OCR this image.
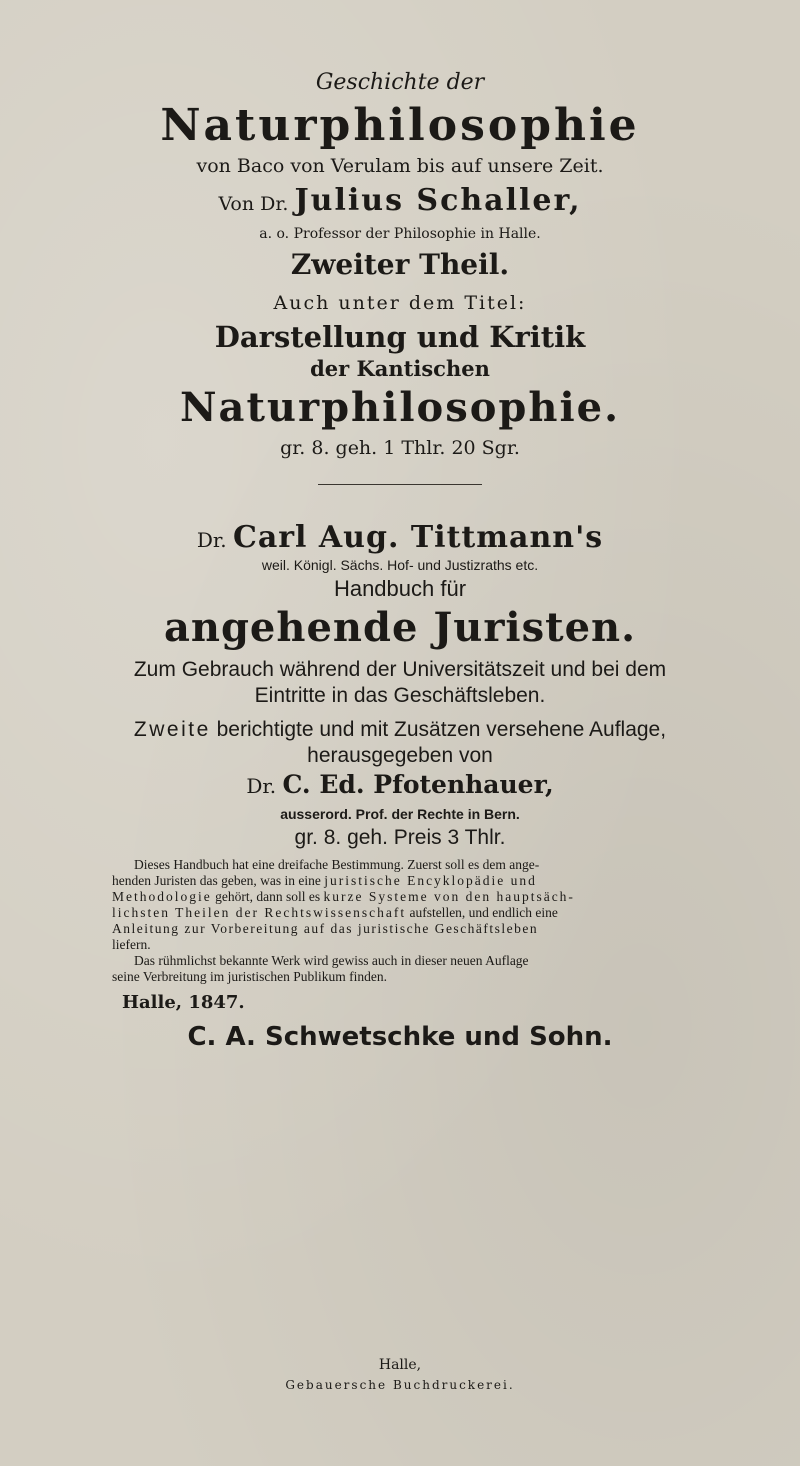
Geschichte der
Naturphilosophie
von Baco von Verulam bis auf unsere Zeit.
Von Dr. Julius Schaller,
a. o. Professor der Philosophie in Halle.
Zweiter Theil.
Auch unter dem Titel:
Darstellung und Kritik
der Kantischen
Naturphilosophie.
gr. 8. geh. 1 Thlr. 20 Sgr.
Dr. Carl Aug. Tittmann's
weil. Königl. Sächs. Hof- und Justizraths etc.
Handbuch für
angehende Juristen.
Zum Gebrauch während der Universitätszeit und bei dem
Eintritte in das Geschäftsleben.
Zweite berichtigte und mit Zusätzen versehene Auflage,
herausgegeben von
Dr. C. Ed. Pfotenhauer,
ausserord. Prof. der Rechte in Bern.
gr. 8. geh. Preis 3 Thlr.
Dieses Handbuch hat eine dreifache Bestimmung. Zuerst soll es dem ange-
henden Juristen das geben, was in eine juristische Encyklopädie und
Methodologie gehört, dann soll es kurze Systeme von den hauptsäch-
lichsten Theilen der Rechtswissenschaft aufstellen, und endlich eine
Anleitung zur Vorbereitung auf das juristische Geschäftsleben
liefern.
Das rühmlichst bekannte Werk wird gewiss auch in dieser neuen Auflage
seine Verbreitung im juristischen Publikum finden.
Halle, 1847.
C. A. Schwetschke und Sohn.
Halle,
Gebauersche Buchdruckerei.
